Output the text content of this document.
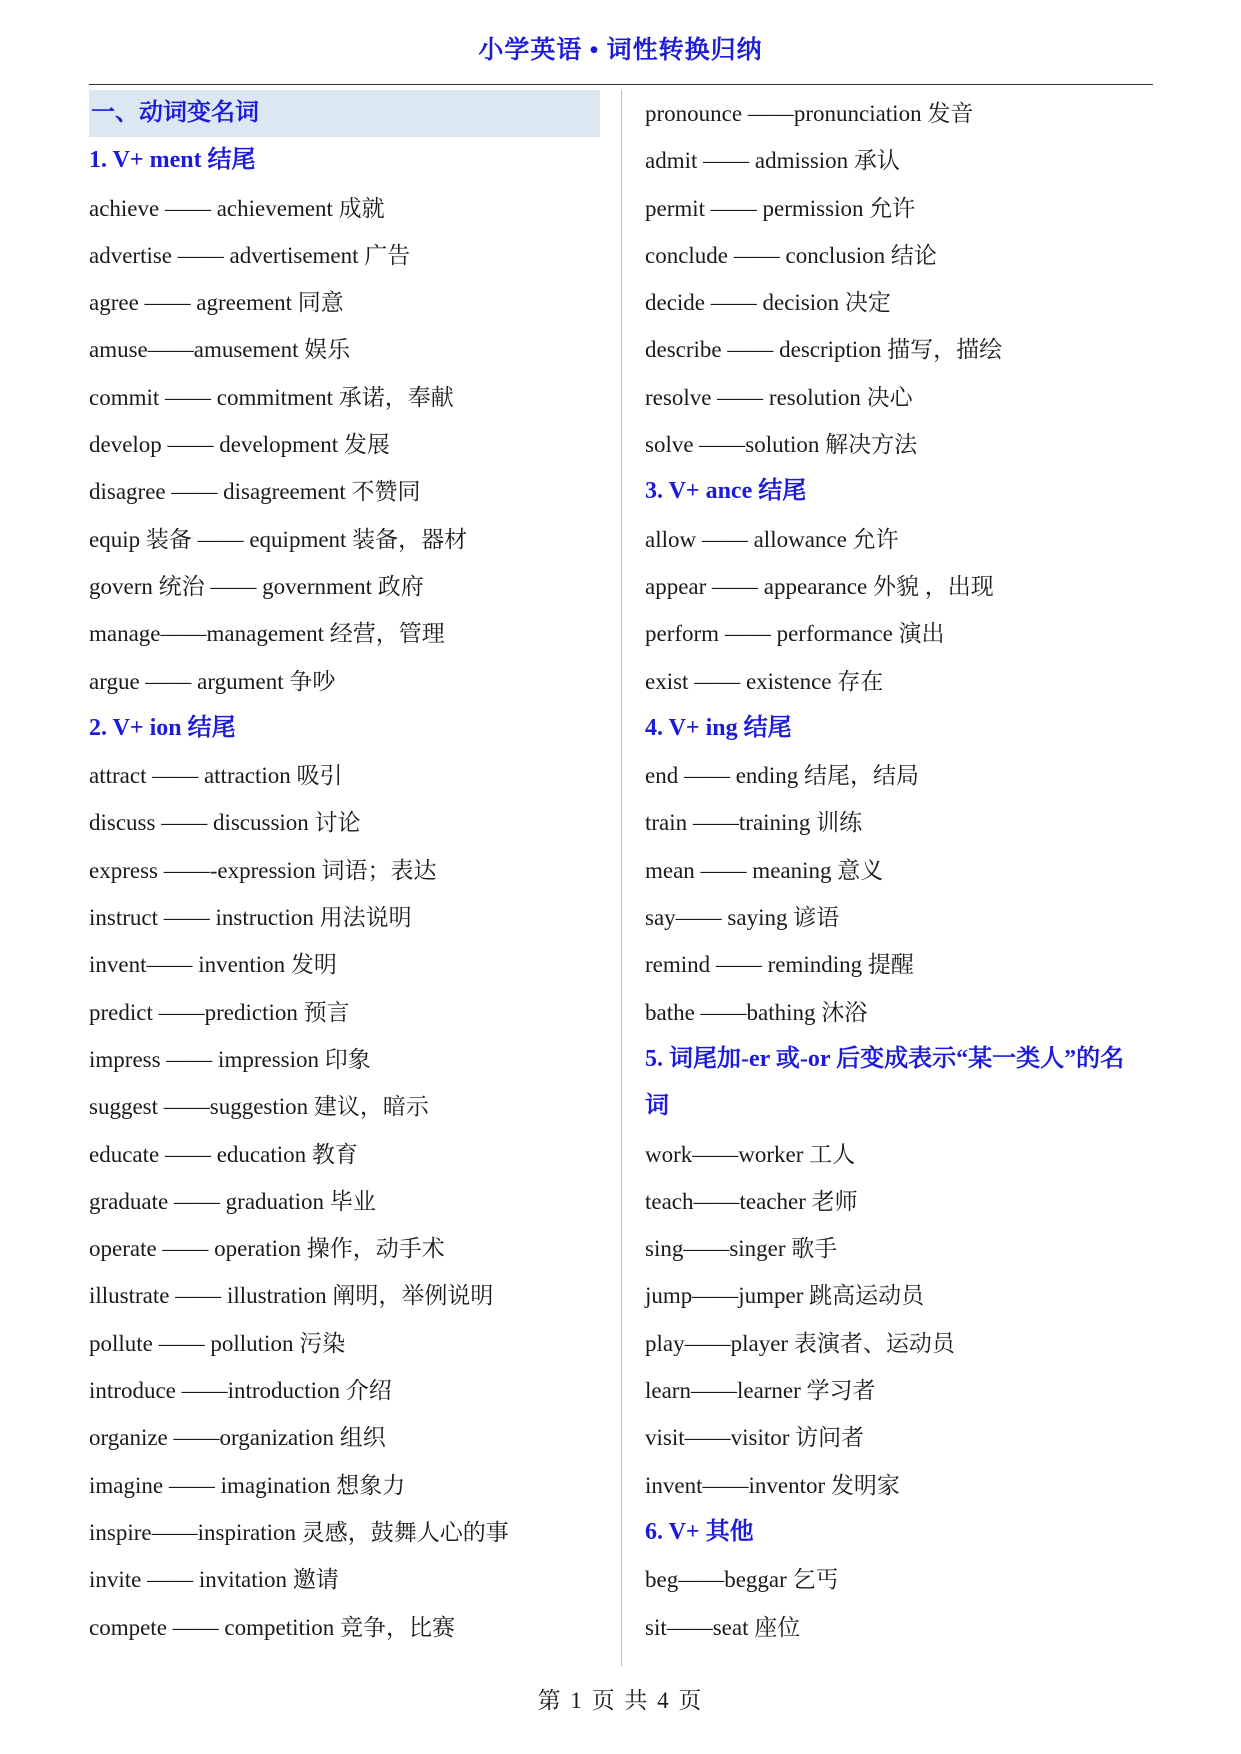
小学英语 • 词性转换归纳
一、动词变名词
1. V+ ment 结尾
achieve —— achievement 成就
advertise —— advertisement 广告
agree —— agreement 同意
amuse——amusement 娱乐
commit —— commitment 承诺，奉献
develop —— development 发展
disagree —— disagreement 不赞同
equip 装备 —— equipment 装备，器材
govern 统治 —— government 政府
manage——management 经营，管理
argue —— argument 争吵
2. V+ ion 结尾
attract —— attraction 吸引
discuss —— discussion 讨论
express ——-expression 词语；表达
instruct —— instruction 用法说明
invent—— invention 发明
predict ——prediction 预言
impress —— impression 印象
suggest ——suggestion 建议，暗示
educate —— education 教育
graduate —— graduation 毕业
operate —— operation 操作，动手术
illustrate —— illustration 阐明，举例说明
pollute —— pollution 污染
introduce ——introduction 介绍
organize ——organization 组织
imagine —— imagination 想象力
inspire——inspiration 灵感，鼓舞人心的事
invite —— invitation 邀请
compete —— competition 竞争，比赛
pronounce ——pronunciation 发音
admit —— admission 承认
permit —— permission 允许
conclude —— conclusion 结论
decide —— decision 决定
describe —— description 描写，描绘
resolve —— resolution 决心
solve ——solution 解决方法
3. V+ ance 结尾
allow —— allowance 允许
appear —— appearance 外貌 ，出现
perform —— performance 演出
exist —— existence 存在
4. V+ ing 结尾
end —— ending 结尾，结局
train ——training 训练
mean —— meaning 意义
say—— saying 谚语
remind —— reminding 提醒
bathe ——bathing 沐浴
5. 词尾加-er 或-or 后变成表示“某一类人”的名
词
work——worker 工人
teach——teacher 老师
sing——singer 歌手
jump——jumper 跳高运动员
play——player 表演者、运动员
learn——learner 学习者
visit——visitor 访问者
invent——inventor 发明家
6. V+ 其他
beg——beggar 乞丐
sit——seat 座位
第 1 页 共 4 页
